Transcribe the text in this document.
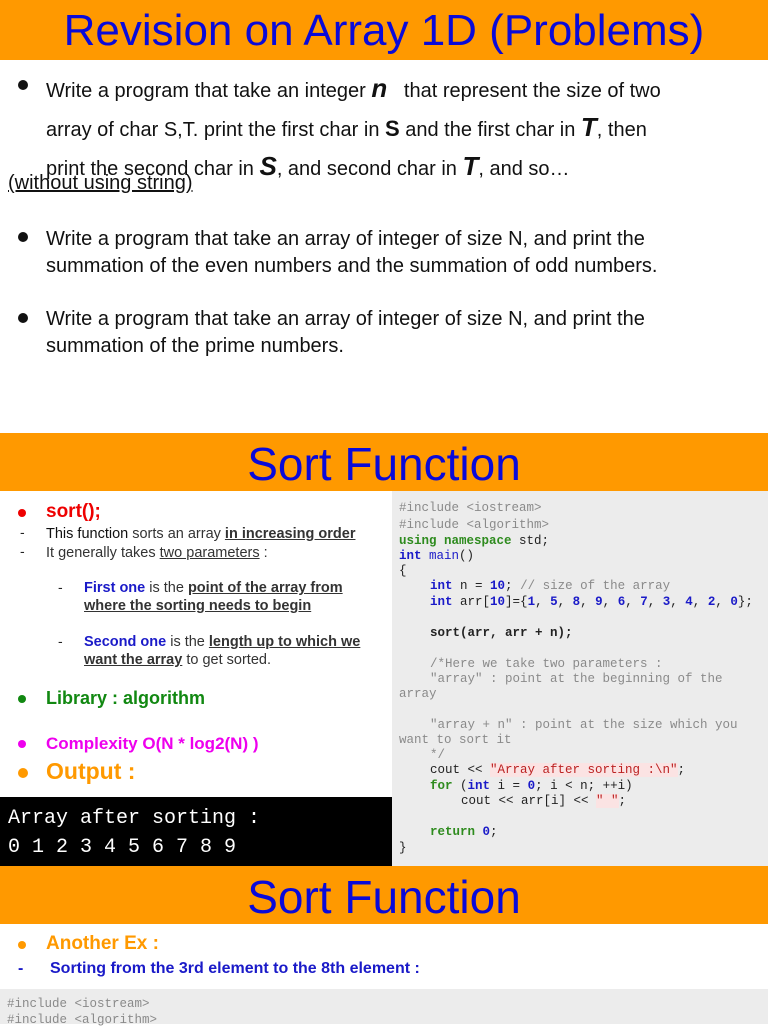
Revision on Array 1D (Problems)
Write a program that take an integer n   that represent the size of two
array of char S,T. print the first char in S and the first char in T, then
print the second char in S, and second char in T, and so…
(without using string)
Write a program that take an array of integer of size N, and print the
summation of the even numbers and the summation of odd numbers.
Write a program that take an array of integer of size N, and print the
summation of the prime numbers.
Sort Function
sort();
- This function sorts an array in increasing order
- It generally takes two parameters :
- First one is the point of the array from
where the sorting needs to begin
- Second one is the length up to which we
want the array to get sorted.
Library : algorithm
Complexity O(N * log2(N) )
Output :
Array after sorting :
0 1 2 3 4 5 6 7 8 9
#include <iostream>
#include <algorithm>
using namespace std;
int main()
{
int n = 10; // size of the array
int arr[10]={1, 5, 8, 9, 6, 7, 3, 4, 2, 0};
sort(arr, arr + n);
/*Here we take two parameters :
"array" : point at the beginning of the
array
"array + n" : point at the size which you
want to sort it
*/
cout << "Array after sorting :\n";
for (int i = 0; i < n; ++i)
cout << arr[i] << " ";
return 0;
}
Sort Function
Another Ex :
- Sorting from the 3rd element to the 8th element :
#include <iostream>
#include <algorithm>
